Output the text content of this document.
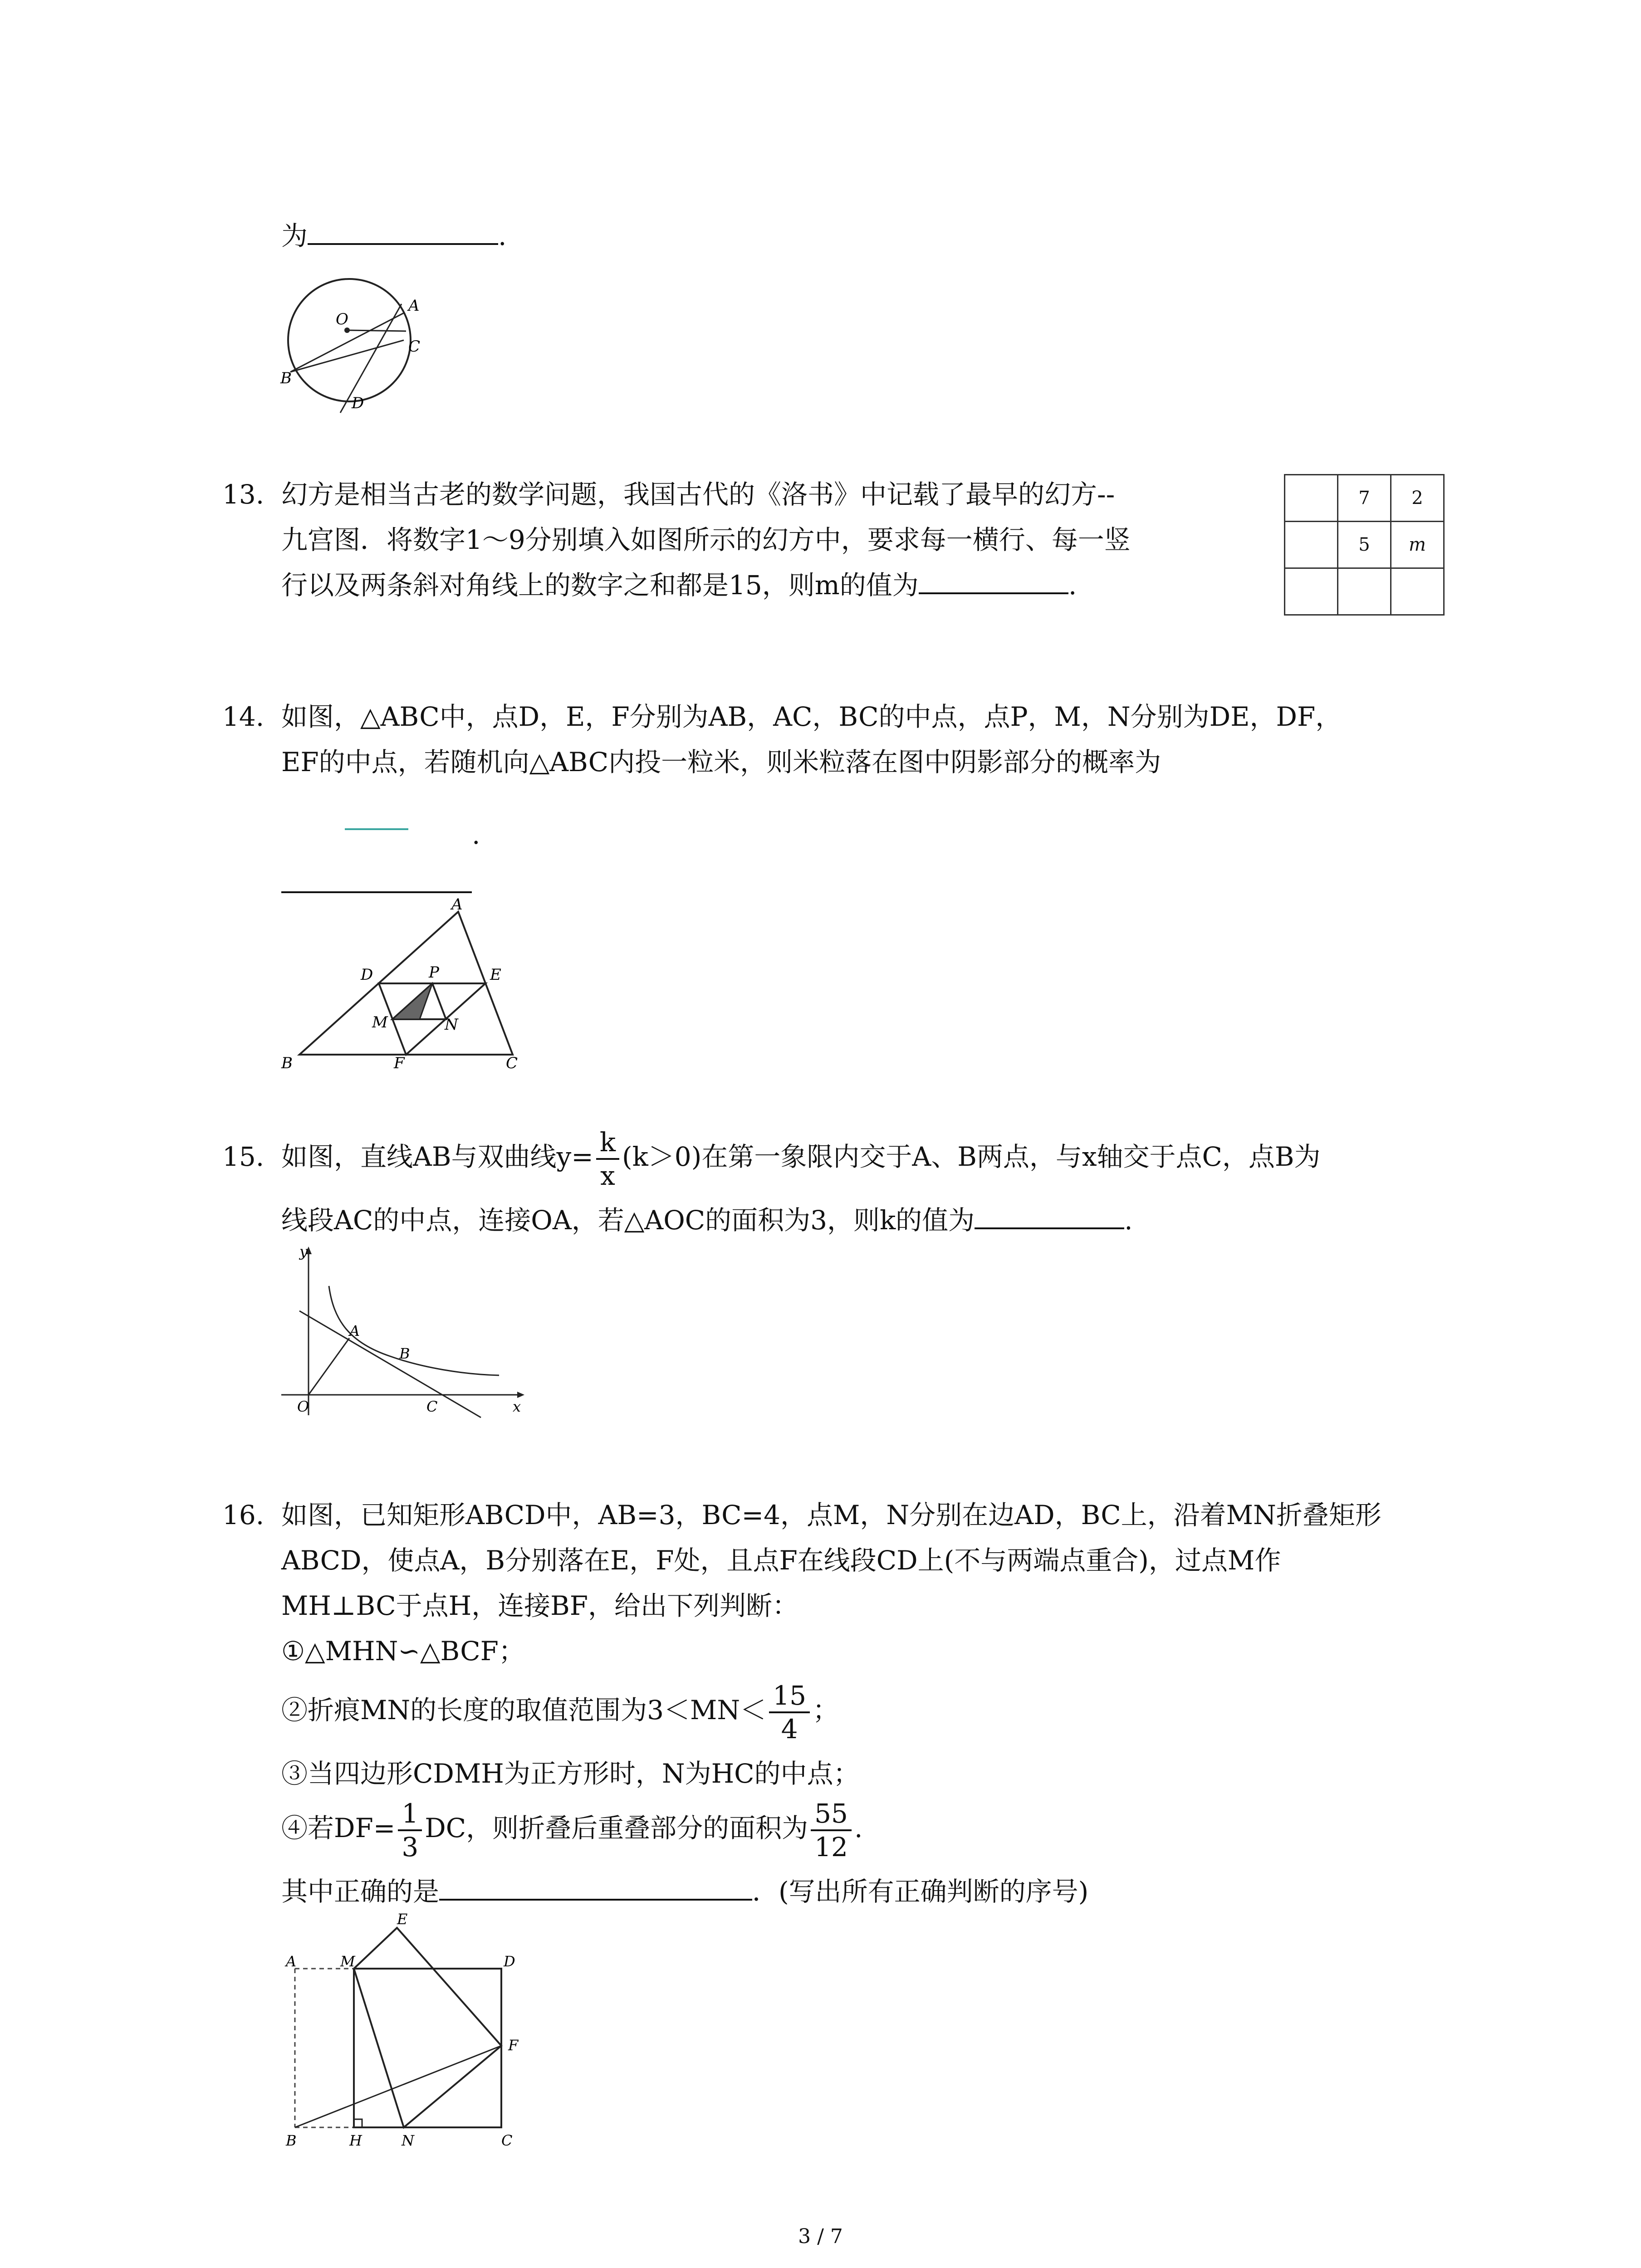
为	.
O
A
C
B
D
13. 幻方是相当古老的数学问题，我国古代的《洛书》中记载了最早的幻方--
九宫图．将数字1～9分别填入如图所示的幻方中，要求每一横行、每一竖
行以及两条斜对角线上的数字之和都是15，则m的值为	.
	7	2
	5	m

14. 如图，△ABC中，点D，E，F分别为AB，AC，BC的中点，点P，M，N分别为DE，DF，
EF的中点，若随机向△ABC内投一粒米，则米粒落在图中阴影部分的概率为
.
A
D	P	E
M	N
B	F	C
15. 如图，直线AB与双曲线$y= \frac{k}{x} (k>0)$在第一象限内交于A、B两点，与x轴交于点C，点B为
线段AC的中点，连接OA，若△AOC的面积为3，则k的值为	.
y
A
B
O	C	x
16. 如图，已知矩形ABCD中，AB=3，BC=4，点M，N分别在边AD，BC上，沿着MN折叠矩形
ABCD，使点A，B分别落在E，F处，且点F在线段CD上(不与两端点重合)，过点M作
MH⊥BC于点H，连接BF，给出下列判断：
①△MHN∽△BCF；
②折痕MN的长度的取值范围为$3<MN< \frac{15}{4}$ ；
③当四边形CDMH为正方形时，N为HC的中点；
④若$DF= \frac{1}{3}$ DC，则折叠后重叠部分的面积为 $\frac{55}{12}$ .
其中正确的是	．(写出所有正确判断的序号)
E
A	M	D
F
B	H	N	C
3 / 7
